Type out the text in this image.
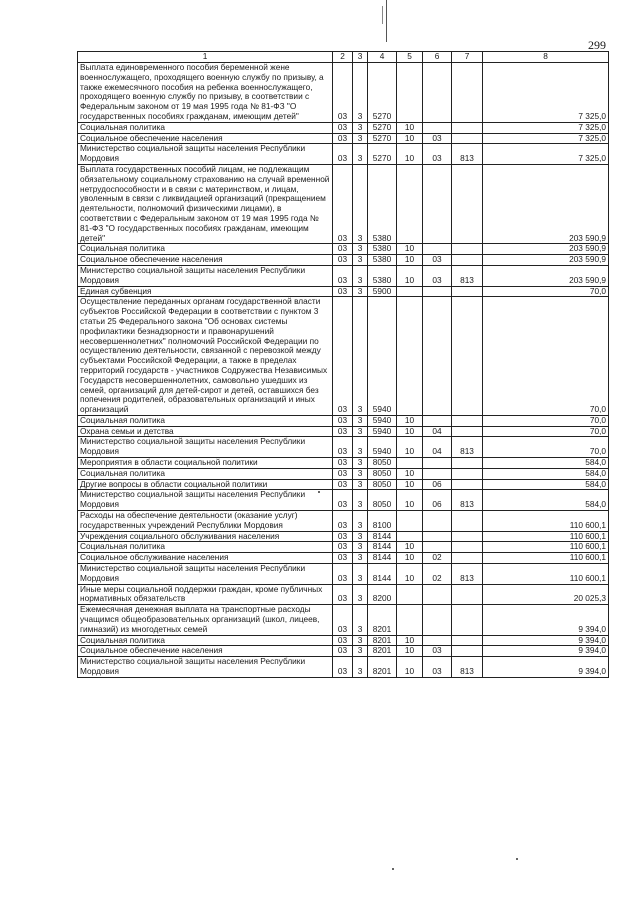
299
1	2	3	4	5	6	7	8
Выплата единовременного пособия беременной жене военнослужащего, проходящего военную службу по призыву, а также ежемесячного пособия на ребенка военнослужащего, проходящего военную службу по призыву, в соответствии с Федеральным законом от 19 мая 1995 года № 81-ФЗ "О государственных пособиях гражданам, имеющим детей"	03	3	5270				7 325,0
Социальная политика	03	3	5270	10			7 325,0
Социальное обеспечение населения	03	3	5270	10	03		7 325,0
Министерство социальной защиты населения Республики Мордовия	03	3	5270	10	03	813	7 325,0
Выплата государственных пособий лицам, не подлежащим обязательному социальному страхованию на случай временной нетрудоспособности и в связи с материнством, и лицам, уволенным в связи с ликвидацией организаций (прекращением деятельности, полномочий физическими лицами), в соответствии с Федеральным законом от 19 мая 1995 года № 81-ФЗ "О государственных пособиях гражданам, имеющим детей"	03	3	5380				203 590,9
Социальная политика	03	3	5380	10			203 590,9
Социальное обеспечение населения	03	3	5380	10	03		203 590,9
Министерство социальной защиты населения Республики Мордовия	03	3	5380	10	03	813	203 590,9
Единая субвенция	03	3	5900				70,0
Осуществление переданных органам государственной власти субъектов Российской Федерации в соответствии с пунктом 3 статьи 25 Федерального закона "Об основах системы профилактики безнадзорности и правонарушений несовершеннолетних" полномочий Российской Федерации по осуществлению деятельности, связанной с перевозкой между субъектами Российской Федерации, а также в пределах территорий государств - участников Содружества Независимых Государств несовершеннолетних, самовольно ушедших из семей, организаций для детей-сирот и детей, оставшихся без попечения родителей, образовательных организаций и иных организаций	03	3	5940				70,0
Социальная политика	03	3	5940	10			70,0
Охрана семьи и детства	03	3	5940	10	04		70,0
Министерство социальной защиты населения Республики Мордовия	03	3	5940	10	04	813	70,0
Мероприятия в области социальной политики	03	3	8050				584,0
Социальная политика	03	3	8050	10			584,0
Другие вопросы в области социальной политики	03	3	8050	10	06		584,0
Министерство социальной защиты населения Республики Мордовия	03	3	8050	10	06	813	584,0
Расходы на обеспечение деятельности (оказание услуг) государственных учреждений Республики Мордовия	03	3	8100				110 600,1
Учреждения социального обслуживания населения	03	3	8144				110 600,1
Социальная политика	03	3	8144	10			110 600,1
Социальное обслуживание населения	03	3	8144	10	02		110 600,1
Министерство социальной защиты населения Республики Мордовия	03	3	8144	10	02	813	110 600,1
Иные меры социальной поддержки граждан, кроме публичных нормативных обязательств	03	3	8200				20 025,3
Ежемесячная денежная выплата на транспортные расходы учащимся общеобразовательных организаций (школ, лицеев, гимназий) из многодетных семей	03	3	8201				9 394,0
Социальная политика	03	3	8201	10			9 394,0
Социальное обеспечение населения	03	3	8201	10	03		9 394,0
Министерство социальной защиты населения Республики Мордовия	03	3	8201	10	03	813	9 394,0
